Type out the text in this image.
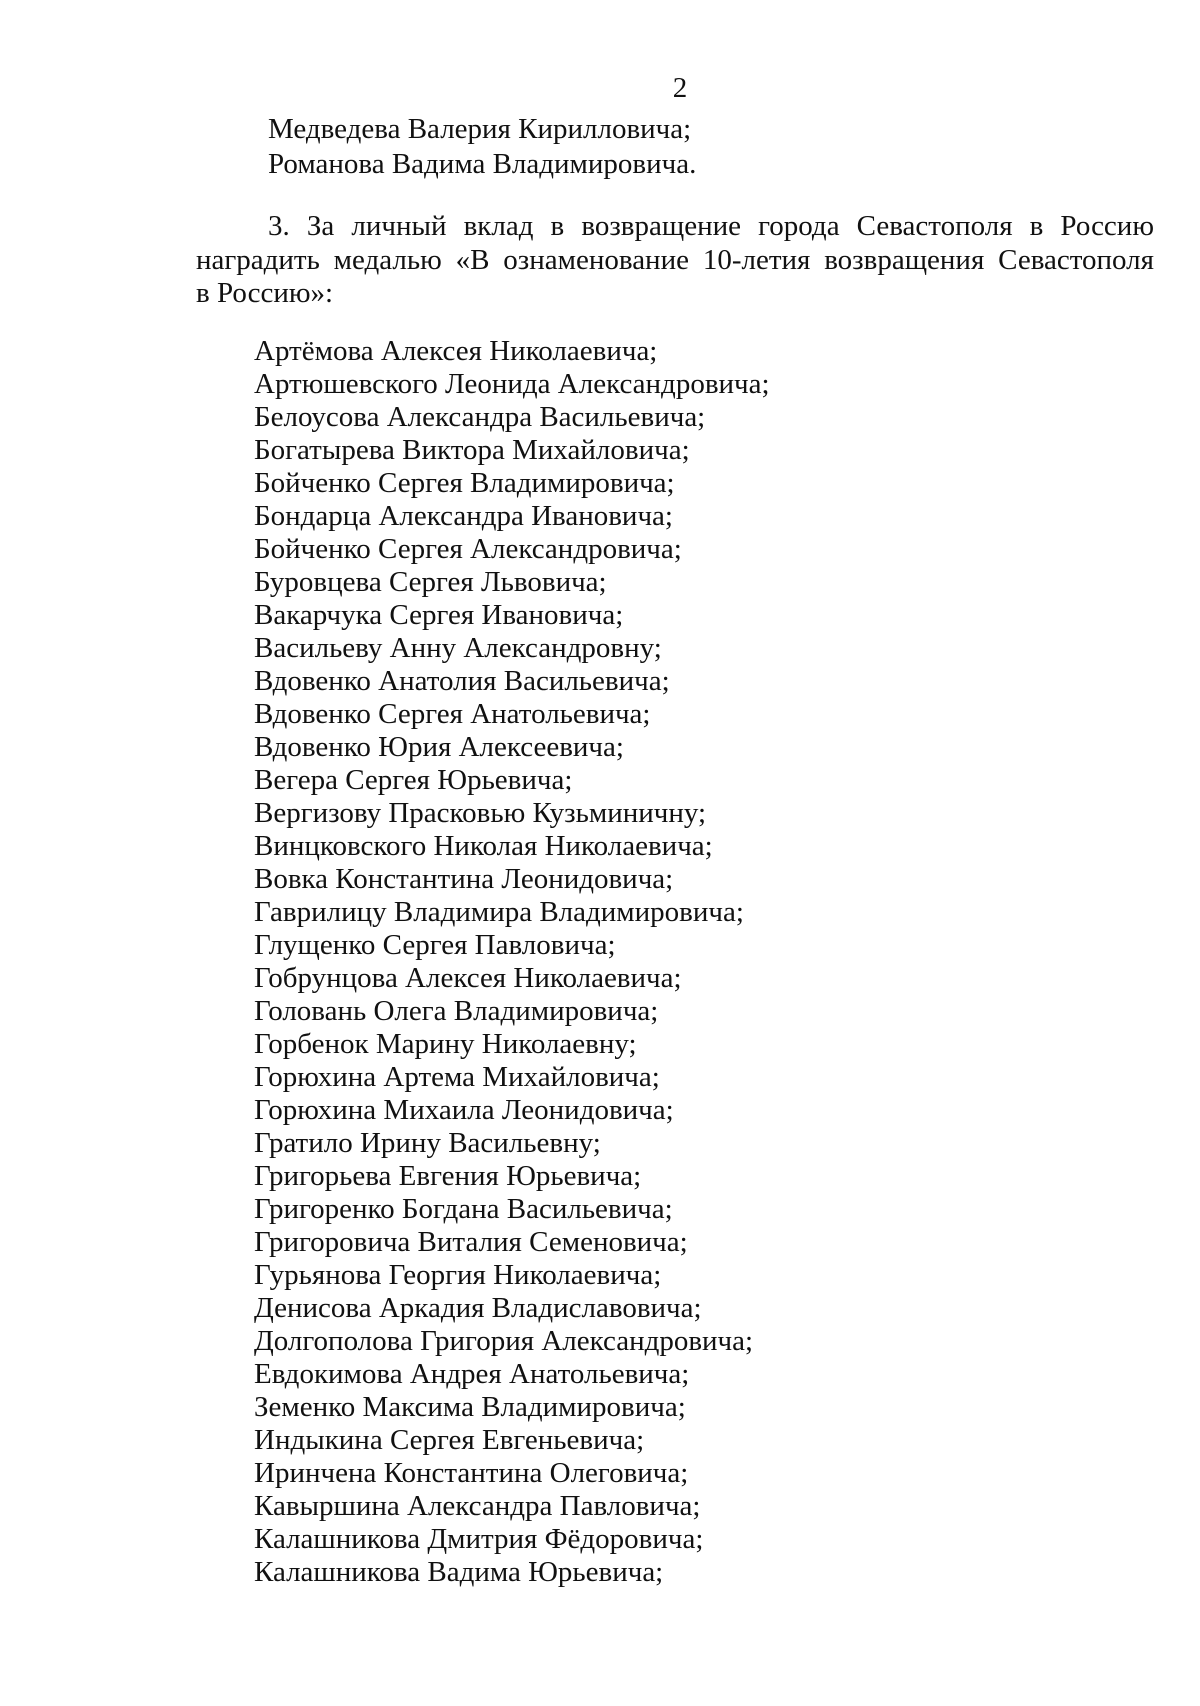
2
Медведева Валерия Кирилловича;
Романова Вадима Владимировича.
3. За личный вклад в возвращение города Севастополя в Россию
наградить медалью «В ознаменование 10-летия возвращения Севастополя
в Россию»:
Артёмова Алексея Николаевича;
Артюшевского Леонида Александровича;
Белоусова Александра Васильевича;
Богатырева Виктора Михайловича;
Бойченко Сергея Владимировича;
Бондарца Александра Ивановича;
Бойченко Сергея Александровича;
Буровцева Сергея Львовича;
Вакарчука Сергея Ивановича;
Васильеву Анну Александровну;
Вдовенко Анатолия Васильевича;
Вдовенко Сергея Анатольевича;
Вдовенко Юрия Алексеевича;
Вегера Сергея Юрьевича;
Вергизову Прасковью Кузьминичну;
Винцковского Николая Николаевича;
Вовка Константина Леонидовича;
Гаврилицу Владимира Владимировича;
Глущенко Сергея Павловича;
Гобрунцова Алексея Николаевича;
Головань Олега Владимировича;
Горбенок Марину Николаевну;
Горюхина Артема Михайловича;
Горюхина Михаила Леонидовича;
Гратило Ирину Васильевну;
Григорьева Евгения Юрьевича;
Григоренко Богдана Васильевича;
Григоровича Виталия Семеновича;
Гурьянова Георгия Николаевича;
Денисова Аркадия Владиславовича;
Долгополова Григория Александровича;
Евдокимова Андрея Анатольевича;
Земенко Максима Владимировича;
Индыкина Сергея Евгеньевича;
Иринчена Константина Олеговича;
Кавыршина Александра Павловича;
Калашникова Дмитрия Фёдоровича;
Калашникова Вадима Юрьевича;
